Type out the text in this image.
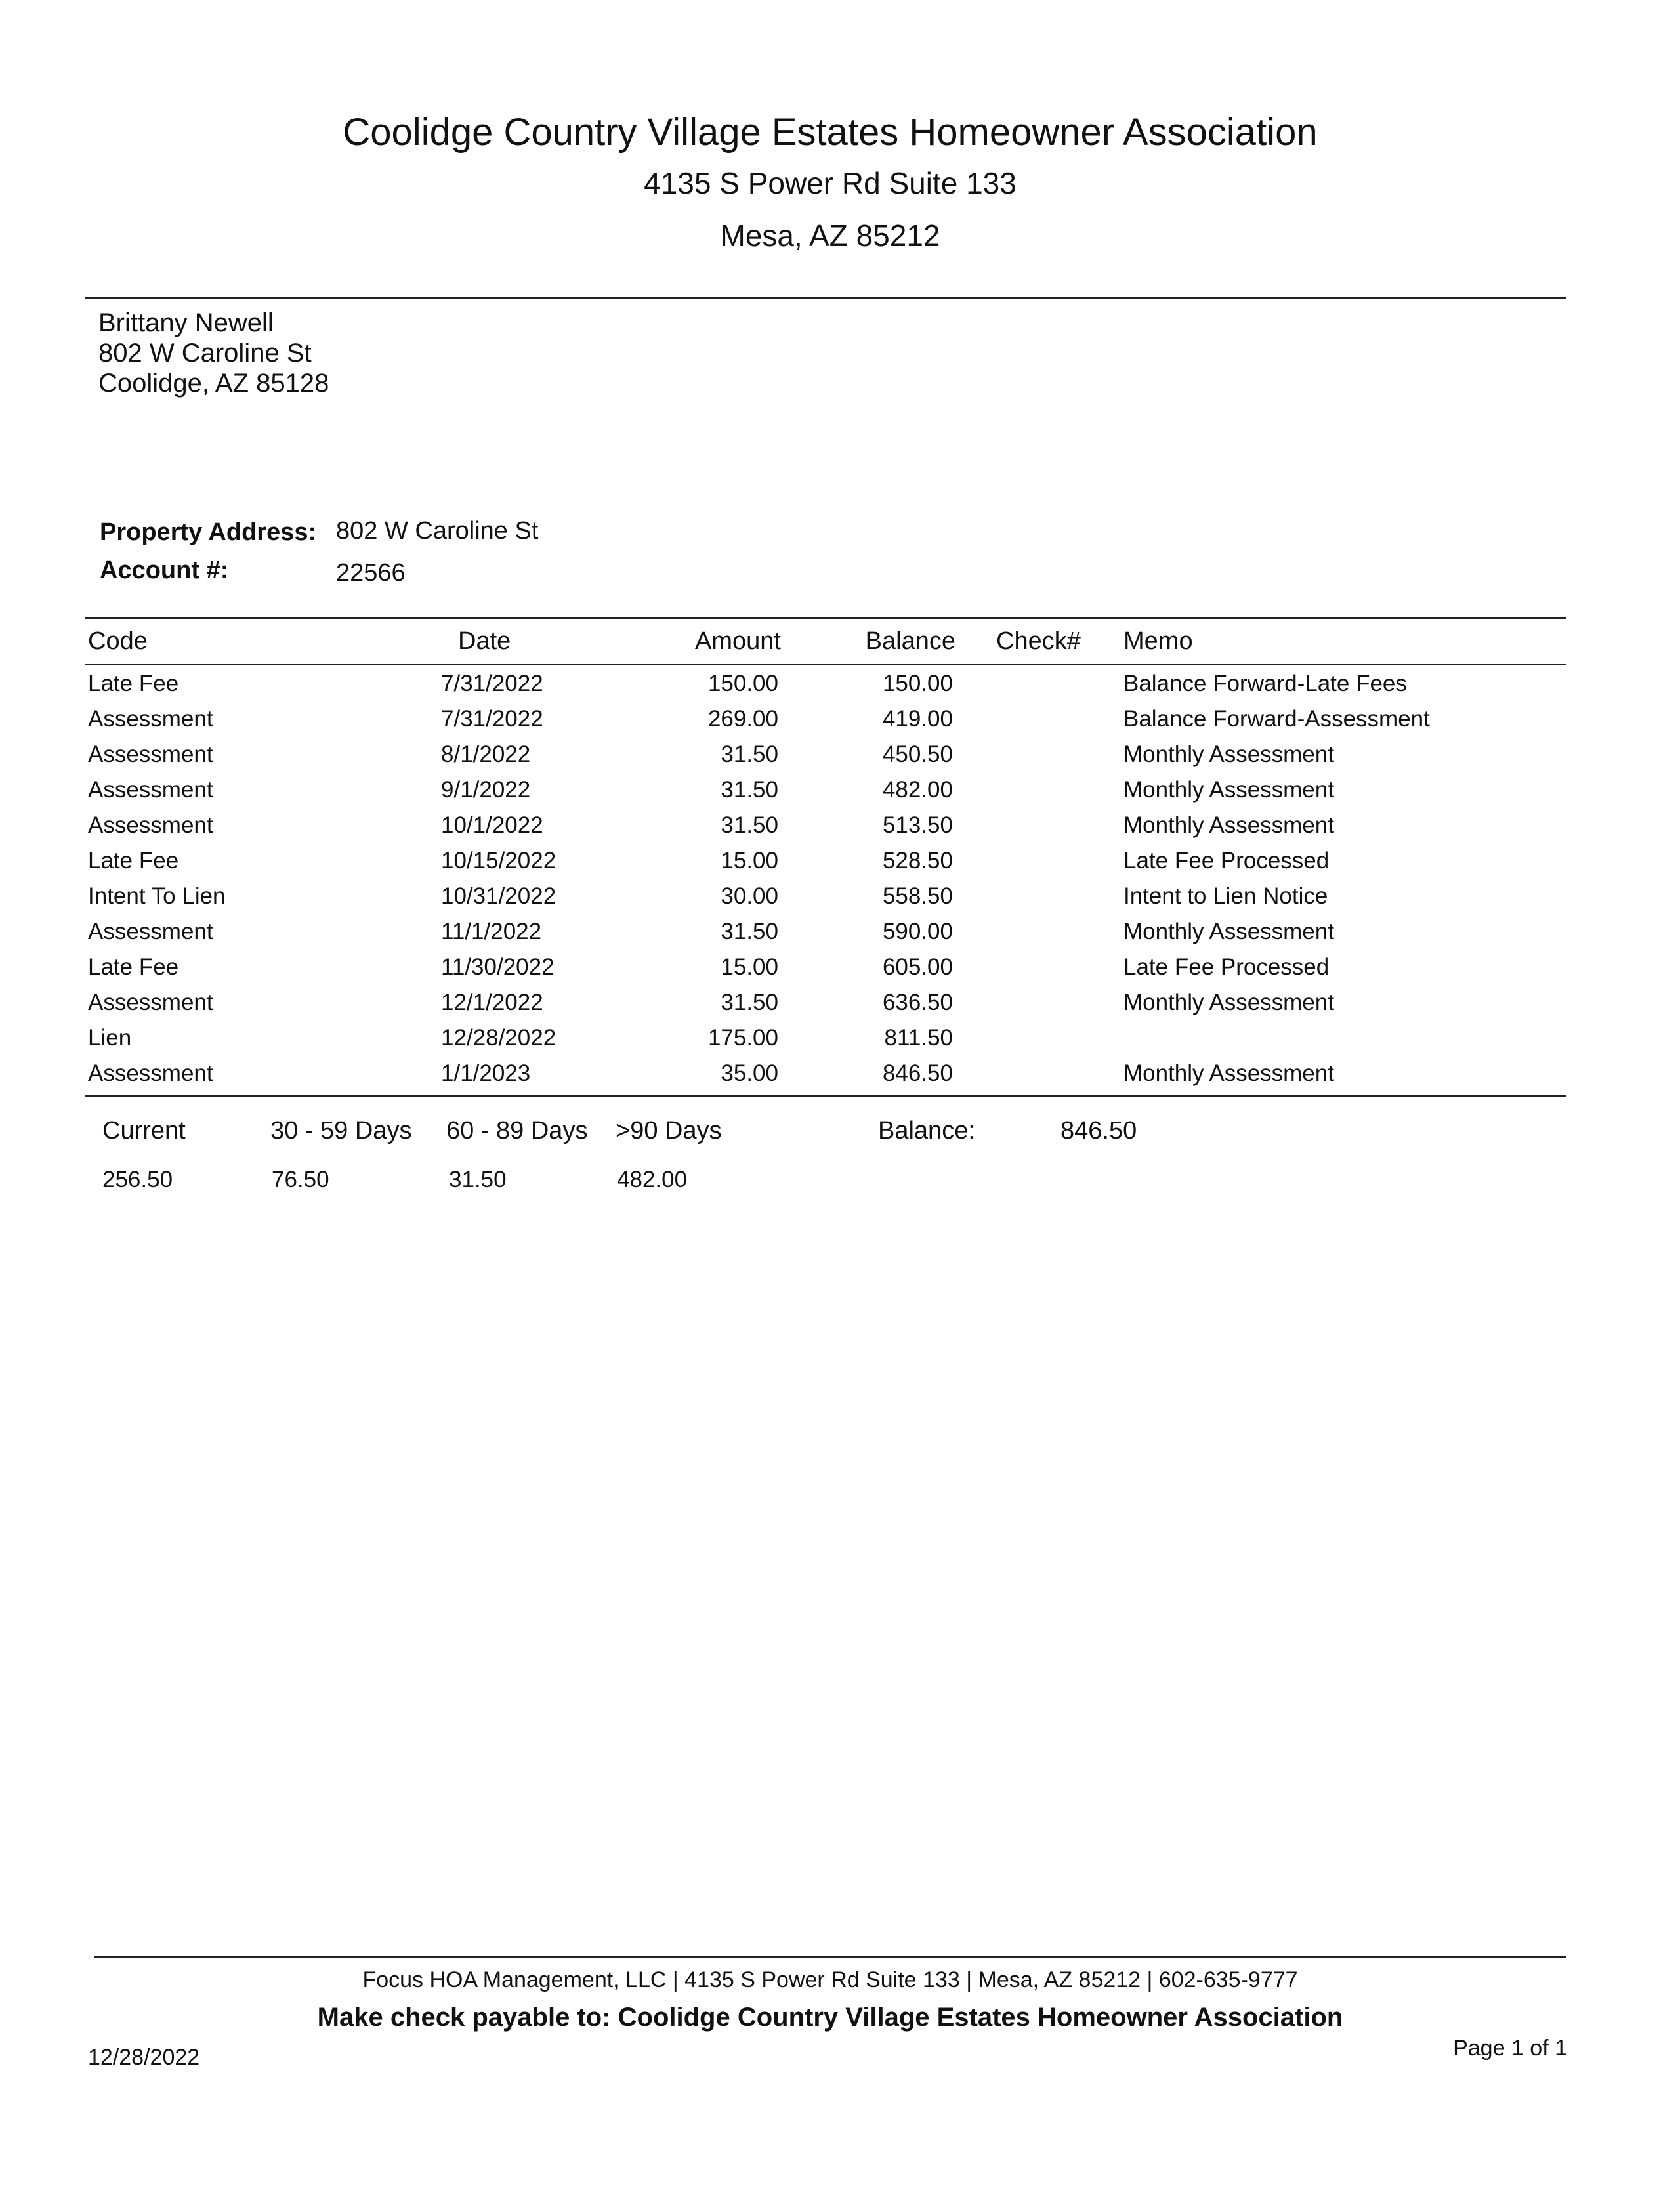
Coolidge Country Village Estates Homeowner Association
4135 S Power Rd Suite 133
Mesa, AZ 85212
Brittany Newell
802 W Caroline St
Coolidge, AZ 85128
Property Address: 802 W Caroline St
Account #:	22566
Code	Date	Amount	Balance Check# Memo
Late Fee	7/31/2022	150.00	150.00	Balance Forward-Late Fees
Assessment	7/31/2022	269.00	419.00	Balance Forward-Assessment
Assessment	8/1/2022	31.50	450.50	Monthly Assessment
Assessment	9/1/2022	31.50	482.00	Monthly Assessment
Assessment	10/1/2022	31.50	513.50	Monthly Assessment
Late Fee	10/15/2022	15.00	528.50	Late Fee Processed
Intent To Lien	10/31/2022	30.00	558.50	Intent to Lien Notice
Assessment	11/1/2022	31.50	590.00	Monthly Assessment
Late Fee	11/30/2022	15.00	605.00	Late Fee Processed
Assessment	12/1/2022	31.50	636.50	Monthly Assessment
Lien	12/28/2022	175.00	811.50
Assessment	1/1/2023	35.00	846.50	Monthly Assessment
Current	30 - 59 Days 60 - 89 Days >90 Days	Balance:	846.50
256.50	76.50	31.50	482.00
Focus HOA Management, LLC | 4135 S Power Rd Suite 133 | Mesa, AZ 85212 | 602-635-9777
Make check payable to: Coolidge Country Village Estates Homeowner Association
12/28/2022	Page 1 of 1
